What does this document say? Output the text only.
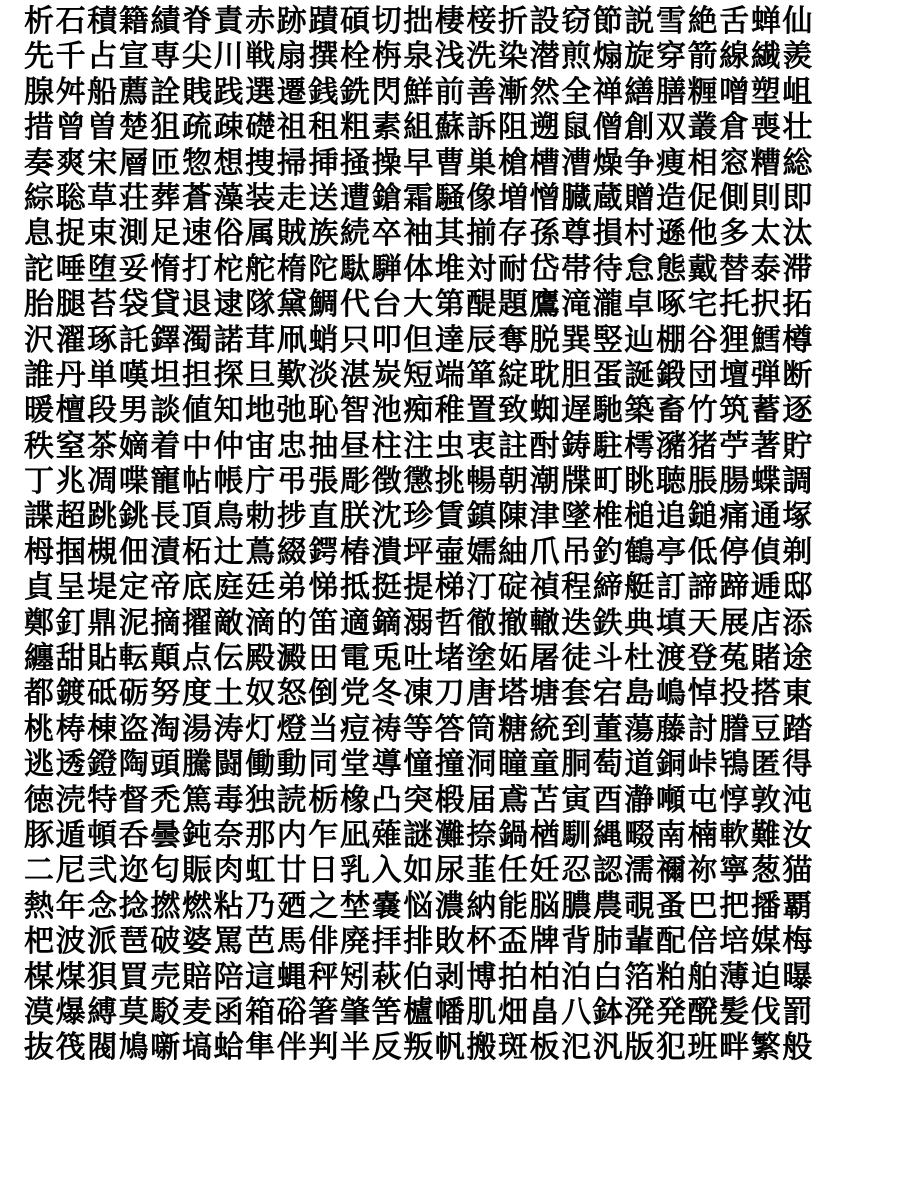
析石積籍績脊責赤跡蹟碩切拙棲椄折設窃節説雪絶舌蝉仙
先千占宣専尖川戦扇撰栓栴泉浅洗染潜煎煽旋穿箭線繊羨
腺舛船薦詮賎践選遷銭銑閃鮮前善漸然全禅繕膳糎噌塑岨
措曾曽楚狙疏疎礎祖租粗素組蘇訴阻遡鼠僧創双叢倉喪壮
奏爽宋層匝惣想捜掃挿掻操早曹巣槍槽漕燥争痩相窓糟総
綜聡草荘葬蒼藻装走送遭鎗霜騒像増憎臓蔵贈造促側則即
息捉束測足速俗属賊族続卒袖其揃存孫尊損村遜他多太汰
詑唾堕妥惰打柁舵楕陀駄騨体堆対耐岱帯待怠態戴替泰滞
胎腿苔袋貸退逮隊黛鯛代台大第醍題鷹滝瀧卓啄宅托択拓
沢濯琢託鐸濁諾茸凧蛸只叩但達辰奪脱巽竪辿棚谷狸鱈樽
誰丹単嘆坦担探旦歎淡湛炭短端箪綻耽胆蛋誕鍛団壇弾断
暖檀段男談値知地弛恥智池痴稚置致蜘遅馳築畜竹筑蓄逐
秩窒茶嫡着中仲宙忠抽昼柱注虫衷註酎鋳駐樗瀦猪苧著貯
丁兆凋喋寵帖帳庁弔張彫徴懲挑暢朝潮牒町眺聴脹腸蝶調
諜超跳銚長頂鳥勅捗直朕沈珍賃鎮陳津墜椎槌追鎚痛通塚
栂掴槻佃漬柘辻蔦綴鍔椿潰坪壷嬬紬爪吊釣鶴亭低停偵剃
貞呈堤定帝底庭廷弟悌抵挺提梯汀碇禎程締艇訂諦蹄逓邸
鄭釘鼎泥摘擢敵滴的笛適鏑溺哲徹撤轍迭鉄典填天展店添
纏甜貼転顛点伝殿澱田電兎吐堵塗妬屠徒斗杜渡登菟賭途
都鍍砥砺努度土奴怒倒党冬凍刀唐塔塘套宕島嶋悼投搭東
桃梼棟盗淘湯涛灯燈当痘祷等答筒糖統到董蕩藤討謄豆踏
逃透鐙陶頭騰闘働動同堂導憧撞洞瞳童胴萄道銅峠鴇匿得
徳涜特督禿篤毒独読栃橡凸突椴届鳶苫寅酉瀞噸屯惇敦沌
豚遁頓呑曇鈍奈那内乍凪薙謎灘捺鍋楢馴縄畷南楠軟難汝
二尼弐迩匂賑肉虹廿日乳入如尿韮任妊忍認濡禰祢寧葱猫
熱年念捻撚燃粘乃廼之埜嚢悩濃納能脳膿農覗蚤巴把播覇
杷波派琶破婆罵芭馬俳廃拝排敗杯盃牌背肺輩配倍培媒梅
楳煤狽買売賠陪這蝿秤矧萩伯剥博拍柏泊白箔粕舶薄迫曝
漠爆縛莫駁麦函箱硲箸肇筈櫨幡肌畑畠八鉢溌発醗髪伐罰
抜筏閥鳩噺塙蛤隼伴判半反叛帆搬斑板氾汎版犯班畔繁般
